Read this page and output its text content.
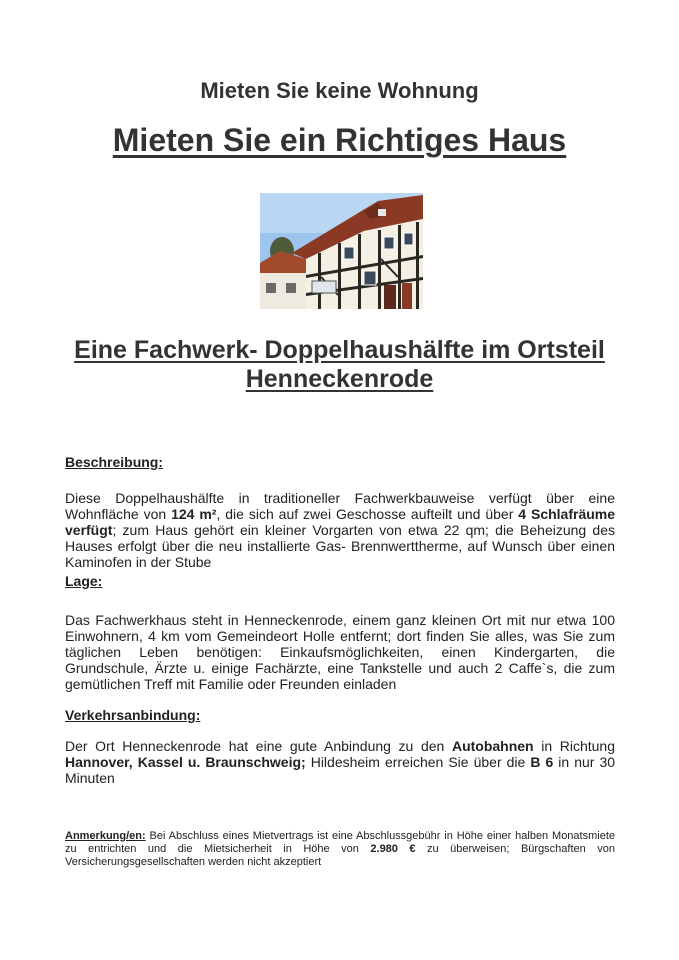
Mieten Sie keine Wohnung
Mieten Sie ein Richtiges Haus
Eine Fachwerk- Doppelhaushälfte im Ortsteil Henneckenrode
Beschreibung:
Diese Doppelhaushälfte in traditioneller Fachwerkbauweise verfügt über eine Wohnfläche von 124 m², die sich auf zwei Geschosse aufteilt und über 4 Schlafräume verfügt; zum Haus gehört ein kleiner Vorgarten von etwa 22 qm; die Beheizung des Hauses erfolgt über die neu installierte Gas- Brennwerttherme, auf Wunsch über einen Kaminofen in der Stube
Lage:
Das Fachwerkhaus steht in Henneckenrode, einem ganz kleinen Ort mit nur etwa 100 Einwohnern, 4 km vom Gemeindeort Holle entfernt; dort finden Sie alles, was Sie zum täglichen Leben benötigen: Einkaufsmöglichkeiten, einen Kindergarten, die Grundschule, Ärzte u. einige Fachärzte, eine Tankstelle und auch 2 Caffe`s, die zum gemütlichen Treff mit Familie oder Freunden einladen
Verkehrsanbindung:
Der Ort Henneckenrode hat eine gute Anbindung zu den Autobahnen in Richtung Hannover, Kassel u. Braunschweig; Hildesheim erreichen Sie über die B 6 in nur 30 Minuten
Anmerkung/en: Bei Abschluss eines Mietvertrags ist eine Abschlussgebühr in Höhe einer halben Monatsmiete zu entrichten und die Mietsicherheit in Höhe von 2.980 € zu überweisen; Bürgschaften von Versicherungsgesellschaften werden nicht akzeptiert
